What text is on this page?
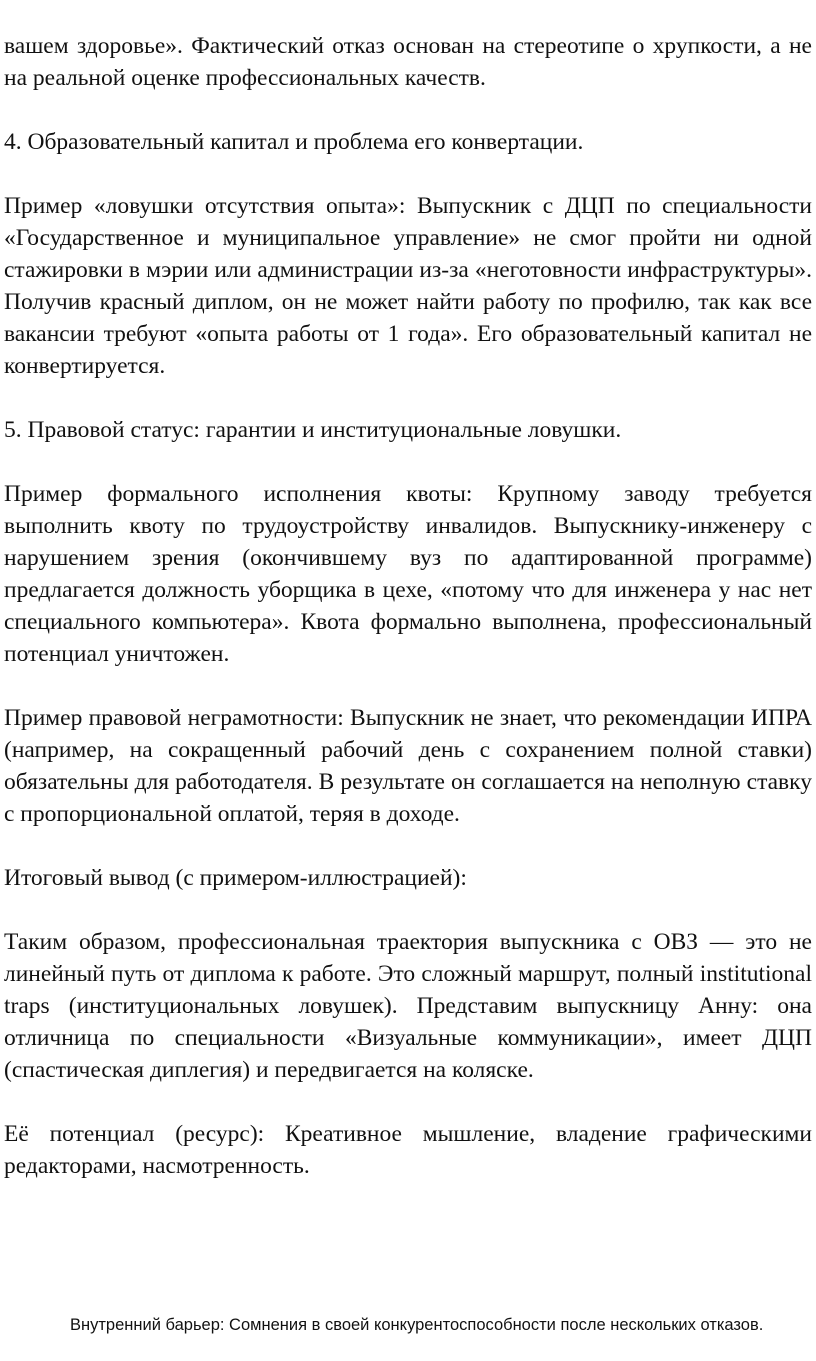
вашем здоровье». Фактический отказ основан на стереотипе о хрупкости, а не на реальной оценке профессиональных качеств.

4. Образовательный капитал и проблема его конвертации.

Пример «ловушки отсутствия опыта»: Выпускник с ДЦП по специальности «Государственное и муниципальное управление» не смог пройти ни одной стажировки в мэрии или администрации из-за «неготовности инфраструктуры». Получив красный диплом, он не может найти работу по профилю, так как все вакансии требуют «опыта работы от 1 года». Его образовательный капитал не конвертируется.

5. Правовой статус: гарантии и институциональные ловушки.

Пример формального исполнения квоты: Крупному заводу требуется выполнить квоту по трудоустройству инвалидов. Выпускнику-инженеру с нарушением зрения (окончившему вуз по адаптированной программе) предлагается должность уборщика в цехе, «потому что для инженера у нас нет специального компьютера». Квота формально выполнена, профессиональный потенциал уничтожен.

Пример правовой неграмотности: Выпускник не знает, что рекомендации ИПРА (например, на сокращенный рабочий день с сохранением полной ставки) обязательны для работодателя. В результате он соглашается на неполную ставку с пропорциональной оплатой, теряя в доходе.

Итоговый вывод (с примером-иллюстрацией):

Таким образом, профессиональная траектория выпускника с ОВЗ — это не линейный путь от диплома к работе. Это сложный маршрут, полный institutional traps (институциональных ловушек). Представим выпускницу Анну: она отличница по специальности «Визуальные коммуникации», имеет ДЦП (спастическая диплегия) и передвигается на коляске.

Её потенциал (ресурс): Креативное мышление, владение графическими редакторами, насмотренность.

Внутренний барьер: Сомнения в своей конкурентоспособности после нескольких отказов.
